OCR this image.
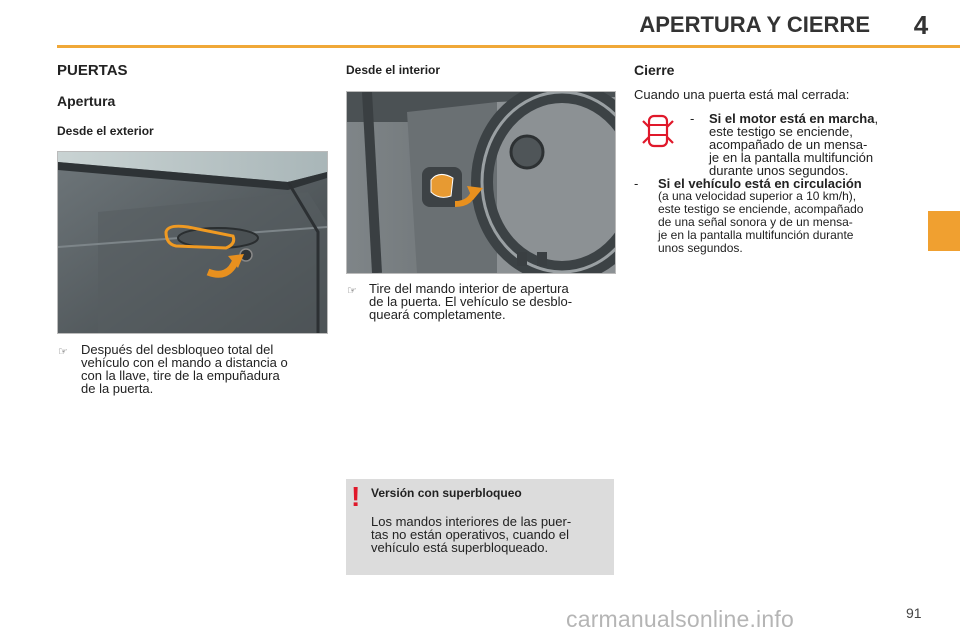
APERTURA Y CIERRE 4
PUERTAS
Apertura
Desde el exterior
☞ Después del desbloqueo total del
vehículo con el mando a distancia o
con la llave, tire de la empuñadura
de la puerta.
Desde el interior
☞ Tire del mando interior de apertura
de la puerta. El vehículo se desblo-
queará completamente.
! Versión con superbloqueo
Los mandos interiores de las puer-
tas no están operativos, cuando el
vehículo está superbloqueado.
Cierre
Cuando una puerta está mal cerrada:
- Si el motor está en marcha,
este testigo se enciende,
acompañado de un mensa-
je en la pantalla multifunción
durante unos segundos.
- Si el vehículo está en circulación
(a una velocidad superior a 10 km/h),
este testigo se enciende, acompañado
de una señal sonora y de un mensa-
je en la pantalla multifunción durante
unos segundos.
carmanualsonline.info	91
